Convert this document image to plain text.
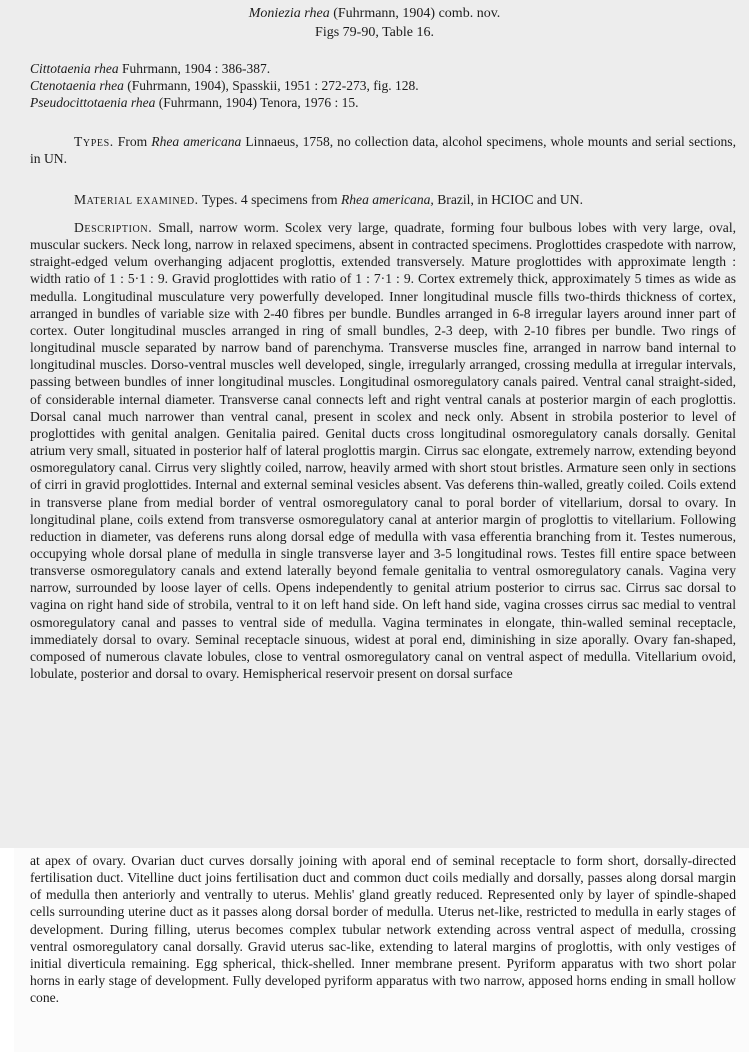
Moniezia rhea (Fuhrmann, 1904) comb. nov.
Figs 79-90, Table 16.
Cittotaenia rhea Fuhrmann, 1904 : 386-387.
Ctenotaenia rhea (Fuhrmann, 1904), Spasskii, 1951 : 272-273, fig. 128.
Pseudocittotaenia rhea (Fuhrmann, 1904) Tenora, 1976 : 15.
Types. From Rhea americana Linnaeus, 1758, no collection data, alcohol specimens, whole mounts and serial sections, in UN.
Material examined. Types. 4 specimens from Rhea americana, Brazil, in HCIOC and UN.
Description. Small, narrow worm. Scolex very large, quadrate, forming four bulbous lobes with very large, oval, muscular suckers. Neck long, narrow in relaxed specimens, absent in contracted specimens. Proglottides craspedote with narrow, straight-edged velum overhanging adjacent proglottis, extended transversely. Mature proglottides with approximate length : width ratio of 1 : 5·1 : 9. Gravid proglottides with ratio of 1 : 7·1 : 9. Cortex extremely thick, approximately 5 times as wide as medulla. Longitudinal musculature very powerfully developed. Inner longitudinal muscle fills two-thirds thickness of cortex, arranged in bundles of variable size with 2-40 fibres per bundle. Bundles arranged in 6-8 irregular layers around inner part of cortex. Outer longitudinal muscles arranged in ring of small bundles, 2-3 deep, with 2-10 fibres per bundle. Two rings of longitudinal muscle separated by narrow band of parenchyma. Transverse muscles fine, arranged in narrow band internal to longitudinal muscles. Dorso-ventral muscles well developed, single, irregularly arranged, crossing medulla at irregular intervals, passing between bundles of inner longitudinal muscles. Longitudinal osmoregulatory canals paired. Ventral canal straight-sided, of considerable internal diameter. Transverse canal connects left and right ventral canals at posterior margin of each proglottis. Dorsal canal much narrower than ventral canal, present in scolex and neck only. Absent in strobila posterior to level of proglottides with genital analgen. Genitalia paired. Genital ducts cross longitudinal osmoregulatory canals dorsally. Genital atrium very small, situated in posterior half of lateral proglottis margin. Cirrus sac elongate, extremely narrow, extending beyond osmoregulatory canal. Cirrus very slightly coiled, narrow, heavily armed with short stout bristles. Armature seen only in sections of cirri in gravid proglottides. Internal and external seminal vesicles absent. Vas deferens thin-walled, greatly coiled. Coils extend in transverse plane from medial border of ventral osmoregulatory canal to poral border of vitellarium, dorsal to ovary. In longitudinal plane, coils extend from transverse osmoregulatory canal at anterior margin of proglottis to vitellarium. Following reduction in diameter, vas deferens runs along dorsal edge of medulla with vasa efferentia branching from it. Testes numerous, occupying whole dorsal plane of medulla in single transverse layer and 3-5 longitudinal rows. Testes fill entire space between transverse osmoregulatory canals and extend laterally beyond female genitalia to ventral osmoregulatory canals. Vagina very narrow, surrounded by loose layer of cells. Opens independently to genital atrium posterior to cirrus sac. Cirrus sac dorsal to vagina on right hand side of strobila, ventral to it on left hand side. On left hand side, vagina crosses cirrus sac medial to ventral osmoregulatory canal and passes to ventral side of medulla. Vagina terminates in elongate, thin-walled seminal receptacle, immediately dorsal to ovary. Seminal receptacle sinuous, widest at poral end, diminishing in size aporally. Ovary fan-shaped, composed of numerous clavate lobules, close to ventral osmoregulatory canal on ventral aspect of medulla. Vitellarium ovoid, lobulate, posterior and dorsal to ovary. Hemispherical reservoir present on dorsal surface
at apex of ovary. Ovarian duct curves dorsally joining with aporal end of seminal receptacle to form short, dorsally-directed fertilisation duct. Vitelline duct joins fertilisation duct and common duct coils medially and dorsally, passes along dorsal margin of medulla then anteriorly and ventrally to uterus. Mehlis' gland greatly reduced. Represented only by layer of spindle-shaped cells surrounding uterine duct as it passes along dorsal border of medulla. Uterus net-like, restricted to medulla in early stages of development. During filling, uterus becomes complex tubular network extending across ventral aspect of medulla, crossing ventral osmoregulatory canal dorsally. Gravid uterus sac-like, extending to lateral margins of proglottis, with only vestiges of initial diverticula remaining. Egg spherical, thick-shelled. Inner membrane present. Pyriform apparatus with two short polar horns in early stage of development. Fully developed pyriform apparatus with two narrow, apposed horns ending in small hollow cone.
